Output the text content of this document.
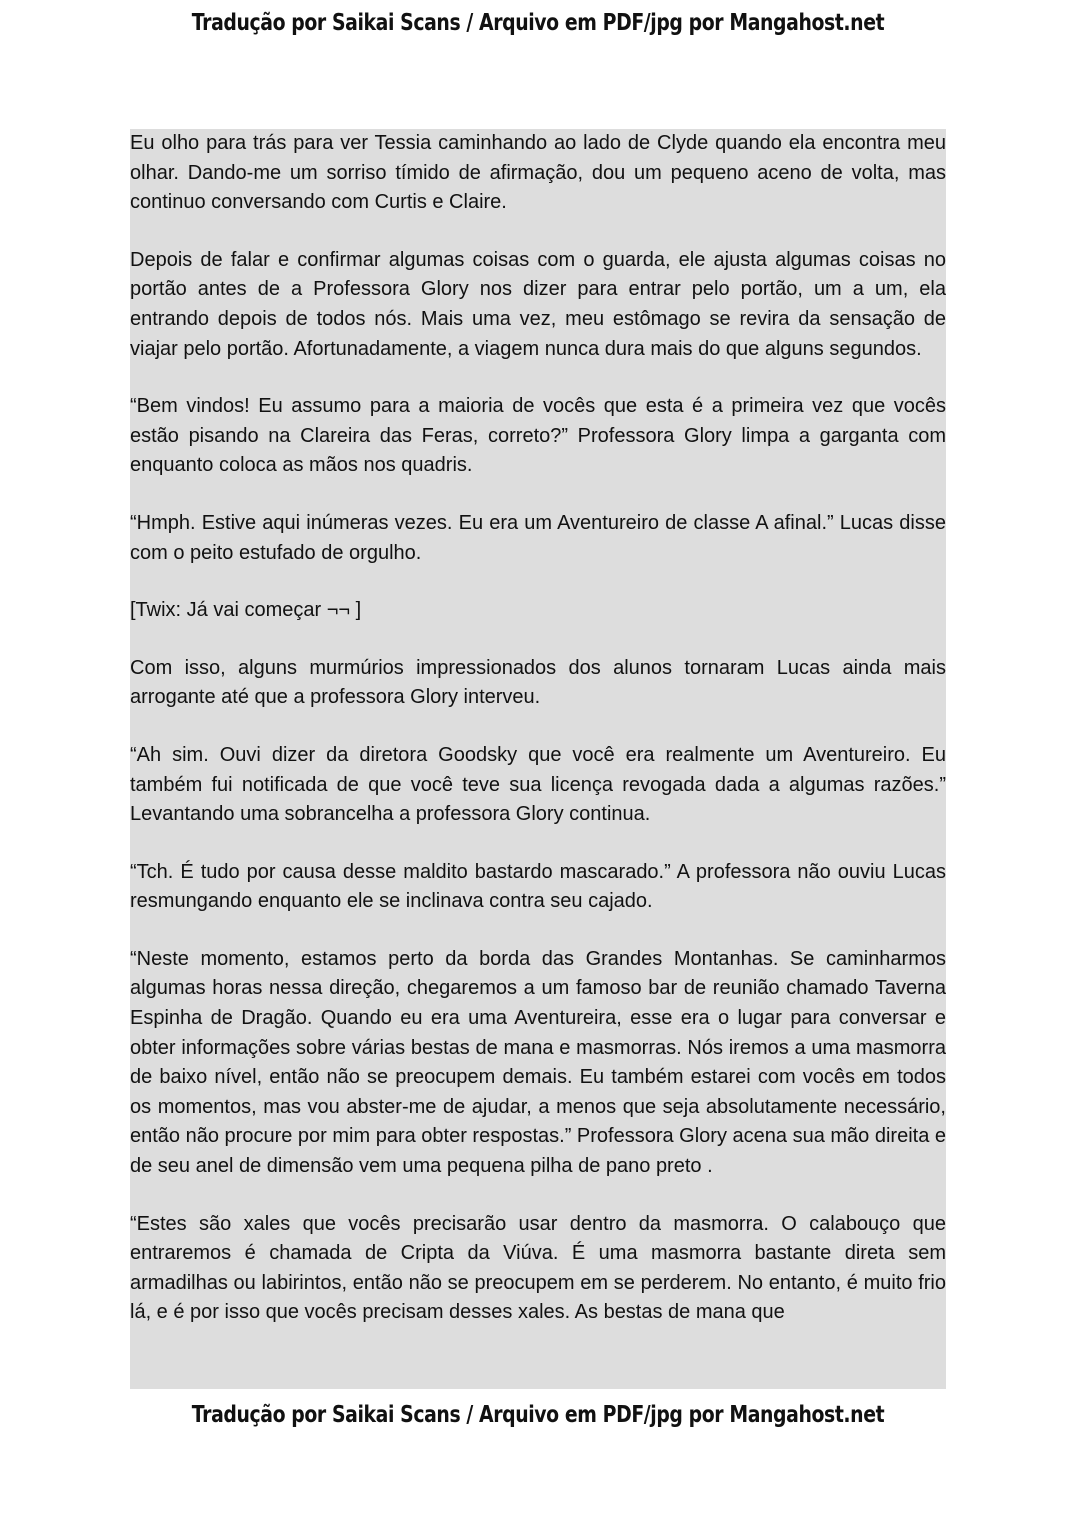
Tradução por Saikai Scans / Arquivo em PDF/jpg por Mangahost.net

Eu olho para trás para ver Tessia caminhando ao lado de Clyde quando ela encontra meu olhar. Dando-me um sorriso tímido de afirmação, dou um pequeno aceno de volta, mas continuo conversando com Curtis e Claire.

Depois de falar e confirmar algumas coisas com o guarda, ele ajusta algumas coisas no portão antes de a Professora Glory nos dizer para entrar pelo portão, um a um, ela entrando depois de todos nós. Mais uma vez, meu estômago se revira da sensação de viajar pelo portão. Afortunadamente, a viagem nunca dura mais do que alguns segundos.

“Bem vindos! Eu assumo para a maioria de vocês que esta é a primeira vez que vocês estão pisando na Clareira das Feras, correto?” Professora Glory limpa a garganta com enquanto coloca as mãos nos quadris.

“Hmph. Estive aqui inúmeras vezes. Eu era um Aventureiro de classe A afinal.” Lucas disse com o peito estufado de orgulho.

[Twix: Já vai começar ¬¬ ]

Com isso, alguns murmúrios impressionados dos alunos tornaram Lucas ainda mais arrogante até que a professora Glory interveu.

“Ah sim. Ouvi dizer da diretora Goodsky que você era realmente um Aventureiro. Eu também fui notificada de que você teve sua licença revogada dada a algumas razões.” Levantando uma sobrancelha a professora Glory continua.

“Tch. É tudo por causa desse maldito bastardo mascarado.” A professora não ouviu Lucas resmungando enquanto ele se inclinava contra seu cajado.

“Neste momento, estamos perto da borda das Grandes Montanhas. Se caminharmos algumas horas nessa direção, chegaremos a um famoso bar de reunião chamado Taverna Espinha de Dragão. Quando eu era uma Aventureira, esse era o lugar para conversar e obter informações sobre várias bestas de mana e masmorras. Nós iremos a uma masmorra de baixo nível, então não se preocupem demais. Eu também estarei com vocês em todos os momentos, mas vou abster-me de ajudar, a menos que seja absolutamente necessário, então não procure por mim para obter respostas.” Professora Glory acena sua mão direita e de seu anel de dimensão vem uma pequena pilha de pano preto .

“Estes são xales que vocês precisarão usar dentro da masmorra. O calabouço que entraremos é chamada de Cripta da Viúva. É uma masmorra bastante direta sem armadilhas ou labirintos, então não se preocupem em se perderem. No entanto, é muito frio lá, e é por isso que vocês precisam desses xales. As bestas de mana que

Tradução por Saikai Scans / Arquivo em PDF/jpg por Mangahost.net
